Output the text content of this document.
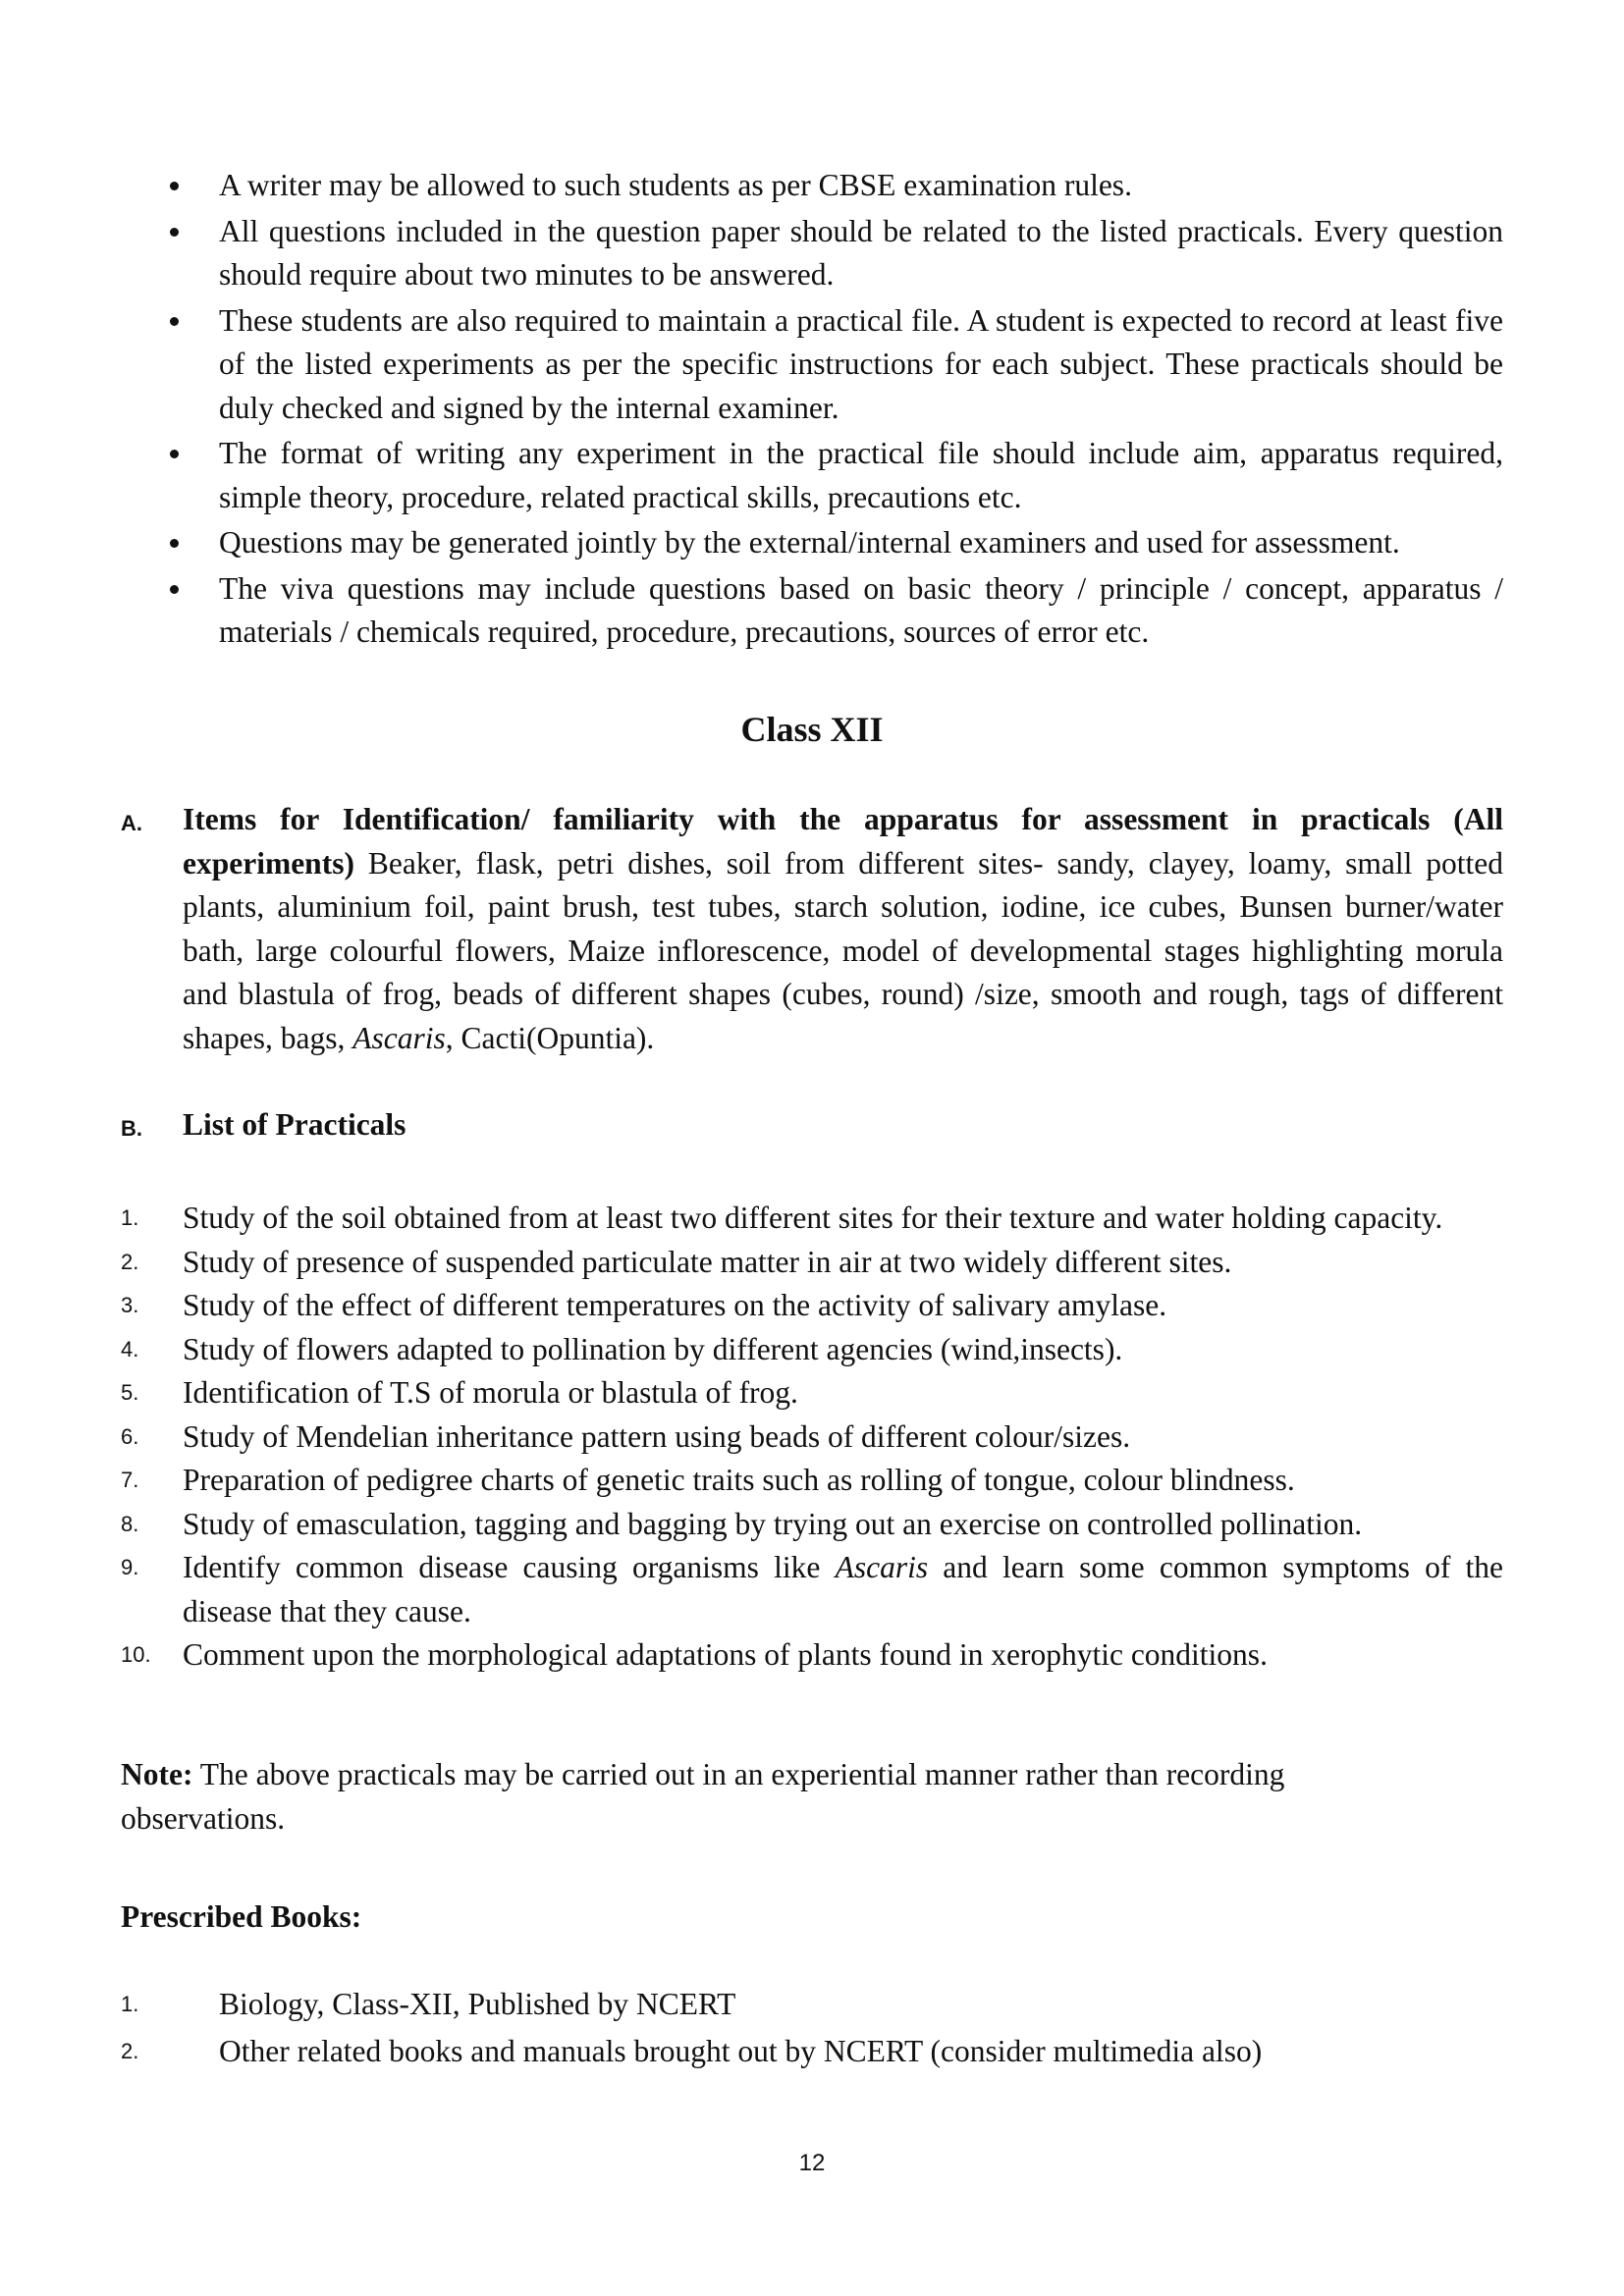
A writer may be allowed to such students as per CBSE examination rules.
All questions included in the question paper should be related to the listed practicals. Every question should require about two minutes to be answered.
These students are also required to maintain a practical file. A student is expected to record at least five of the listed experiments as per the specific instructions for each subject. These practicals should be duly checked and signed by the internal examiner.
The format of writing any experiment in the practical file should include aim, apparatus required, simple theory, procedure, related practical skills, precautions etc.
Questions may be generated jointly by the external/internal examiners and used for assessment.
The viva questions may include questions based on basic theory / principle / concept, apparatus / materials / chemicals required, procedure, precautions, sources of error etc.
Class XII
A.	Items for Identification/ familiarity with the apparatus for assessment in practicals (All experiments) Beaker, flask, petri dishes, soil from different sites- sandy, clayey, loamy, small potted plants, aluminium foil, paint brush, test tubes, starch solution, iodine, ice cubes, Bunsen burner/water bath, large colourful flowers, Maize inflorescence, model of developmental stages highlighting morula and blastula of frog, beads of different shapes (cubes, round) /size, smooth and rough, tags of different shapes, bags, Ascaris, Cacti(Opuntia).
B.	List of Practicals
1. Study of the soil obtained from at least two different sites for their texture and water holding capacity.
2. Study of presence of suspended particulate matter in air at two widely different sites.
3. Study of the effect of different temperatures on the activity of salivary amylase.
4. Study of flowers adapted to pollination by different agencies (wind,insects).
5. Identification of T.S of morula or blastula of frog.
6. Study of Mendelian inheritance pattern using beads of different colour/sizes.
7. Preparation of pedigree charts of genetic traits such as rolling of tongue, colour blindness.
8. Study of emasculation, tagging and bagging by trying out an exercise on controlled pollination.
9. Identify common disease causing organisms like Ascaris and learn some common symptoms of the disease that they cause.
10. Comment upon the morphological adaptations of plants found in xerophytic conditions.
Note: The above practicals may be carried out in an experiential manner rather than recording observations.
Prescribed Books:
1.	Biology, Class-XII, Published by NCERT
2.	Other related books and manuals brought out by NCERT (consider multimedia also)
12
